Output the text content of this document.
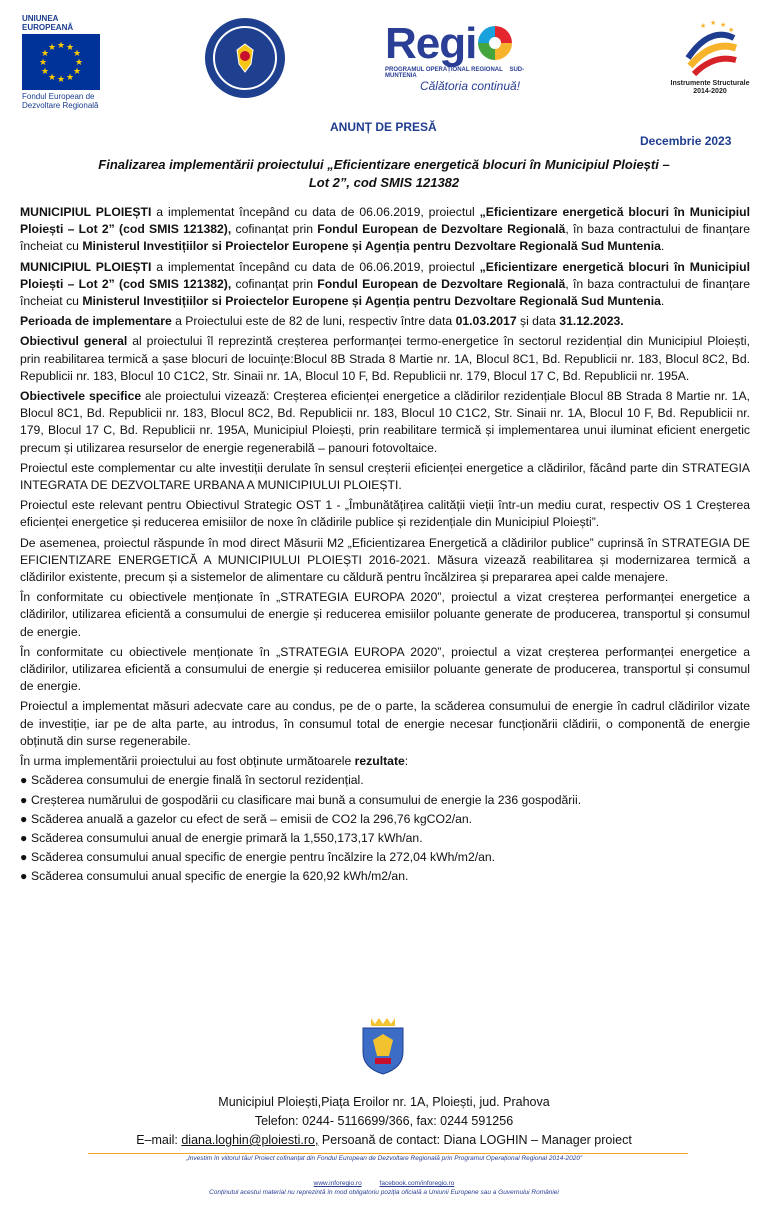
UNIUNEA EUROPEANĂ
★ ★
★
★
★
★
★
★
★
★
★
★
Fondul European de
Dezvoltare Regională
Regi
PROGRAMUL OPERAȚIONAL REGIONAL SUD-MUNTENIA
Călătoria continuă!
★ ★ ★
★
Instrumente Structurale
2014-2020
ANUNȚ DE PRESĂ
Decembrie 2023
Finalizarea implementării proiectului „Eficientizare energetică blocuri în Municipiul Ploiești –
Lot 2”, cod SMIS 121382

MUNICIPIUL PLOIEȘTI a implementat începând cu data de 06.06.2019, proiectul „Eficientizare energetică blocuri în Municipiul Ploiești – Lot 2” (cod SMIS 121382), cofinanțat prin Fondul European de Dezvoltare Regională, în baza contractului de finanțare încheiat cu Ministerul Investițiilor si Proiectelor Europene și Agenția pentru Dezvoltare Regională Sud Muntenia.

MUNICIPIUL PLOIEȘTI a implementat începând cu data de 06.06.2019, proiectul „Eficientizare energetică blocuri în Municipiul Ploiești – Lot 2” (cod SMIS 121382), cofinanțat prin Fondul European de Dezvoltare Regională, în baza contractului de finanțare încheiat cu Ministerul Investițiilor si Proiectelor Europene și Agenția pentru Dezvoltare Regională Sud Muntenia.

Perioada de implementare a Proiectului este de 82 de luni, respectiv între data 01.03.2017 și data 31.12.2023.

Obiectivul general al proiectului îl reprezintă creșterea performanței termo-energetice în sectorul rezidențial din Municipiul Ploiești, prin reabilitarea termică a șase blocuri de locuințe:Blocul 8B Strada 8 Martie nr. 1A, Blocul 8C1, Bd. Republicii nr. 183, Blocul 8C2, Bd. Republicii nr. 183, Blocul 10 C1C2, Str. Sinaii nr. 1A, Blocul 10 F, Bd. Republicii nr. 179, Blocul 17 C, Bd. Republicii nr. 195A.

Obiectivele specifice ale proiectului vizează: Creșterea eficienței energetice a clădirilor rezidențiale Blocul 8B Strada 8 Martie nr. 1A, Blocul 8C1, Bd. Republicii nr. 183, Blocul 8C2, Bd. Republicii nr. 183, Blocul 10 C1C2, Str. Sinaii nr. 1A, Blocul 10 F, Bd. Republicii nr. 179, Blocul 17 C, Bd. Republicii nr. 195A, Municipiul Ploiești, prin reabilitare termică și implementarea unui iluminat eficient energetic precum și utilizarea resurselor de energie regenerabilă – panouri fotovoltaice.

Proiectul este complementar cu alte investiții derulate în sensul creșterii eficienței energetice a clădirilor, făcând parte din STRATEGIA INTEGRATA DE DEZVOLTARE URBANA A MUNICIPIULUI PLOIEȘTI.

Proiectul este relevant pentru Obiectivul Strategic OST 1 - „Îmbunătățirea calității vieții într-un mediu curat, respectiv OS 1 Creșterea eficienței energetice și reducerea emisiilor de noxe în clădirile publice și rezidențiale din Municipiul Ploiești”.

De asemenea, proiectul răspunde în mod direct Măsurii M2 „Eficientizarea Energetică a clădirilor publice” cuprinsă în STRATEGIA DE EFICIENTIZARE ENERGETICĂ A MUNICIPIULUI PLOIEȘTI 2016-2021. Măsura vizează reabilitarea și modernizarea termică a clădirilor existente, precum și a sistemelor de alimentare cu căldură pentru încălzirea și prepararea apei calde menajere.

În conformitate cu obiectivele menționate în „STRATEGIA EUROPA 2020”, proiectul a vizat creșterea performanței energetice a clădirilor, utilizarea eficientă a consumului de energie și reducerea emisiilor poluante generate de producerea, transportul și consumul de energie.

În conformitate cu obiectivele menționate în „STRATEGIA EUROPA 2020”, proiectul a vizat creșterea performanței energetice a clădirilor, utilizarea eficientă a consumului de energie și reducerea emisiilor poluante generate de producerea, transportul și consumul de energie.

Proiectul a implementat măsuri adecvate care au condus, pe de o parte, la scăderea consumului de energie în cadrul clădirilor vizate de investiție, iar pe de alta parte, au introdus, în consumul total de energie necesar funcționării clădirii, o componentă de energie obținută din surse regenerabile.

În urma implementării proiectului au fost obținute următoarele rezultate:

● Scăderea consumului de energie finală în sectorul rezidențial.
● Creșterea numărului de gospodării cu clasificare mai bună a consumului de energie la 236 gospodării.
● Scăderea anuală a gazelor cu efect de seră – emisii de CO2 la 296,76 kgCO2/an.
● Scăderea consumului anual de energie primară la 1,550,173,17 kWh/an.
● Scăderea consumului anual specific de energie pentru încălzire la 272,04 kWh/m2/an.
● Scăderea consumului anual specific de energie la 620,92 kWh/m2/an.
Municipiul Ploiești,Piața Eroilor nr. 1A, Ploiești, jud. Prahova
Telefon: 0244- 5116699/366, fax: 0244 591256
E–mail: diana.loghin@ploiesti.ro, Persoană de contact: Diana LOGHIN – Manager proiect
„Investim în viitorul tău! Proiect cofinanțat din Fondul European de Dezvoltare Regională prin Programul Operațional Regional 2014-2020”
www.inforegio.ro	facebook.com/inforegio.ro
Conținutul acestui material nu reprezintă în mod obligatoriu poziția oficială a Uniunii Europene sau a Guvernului României
